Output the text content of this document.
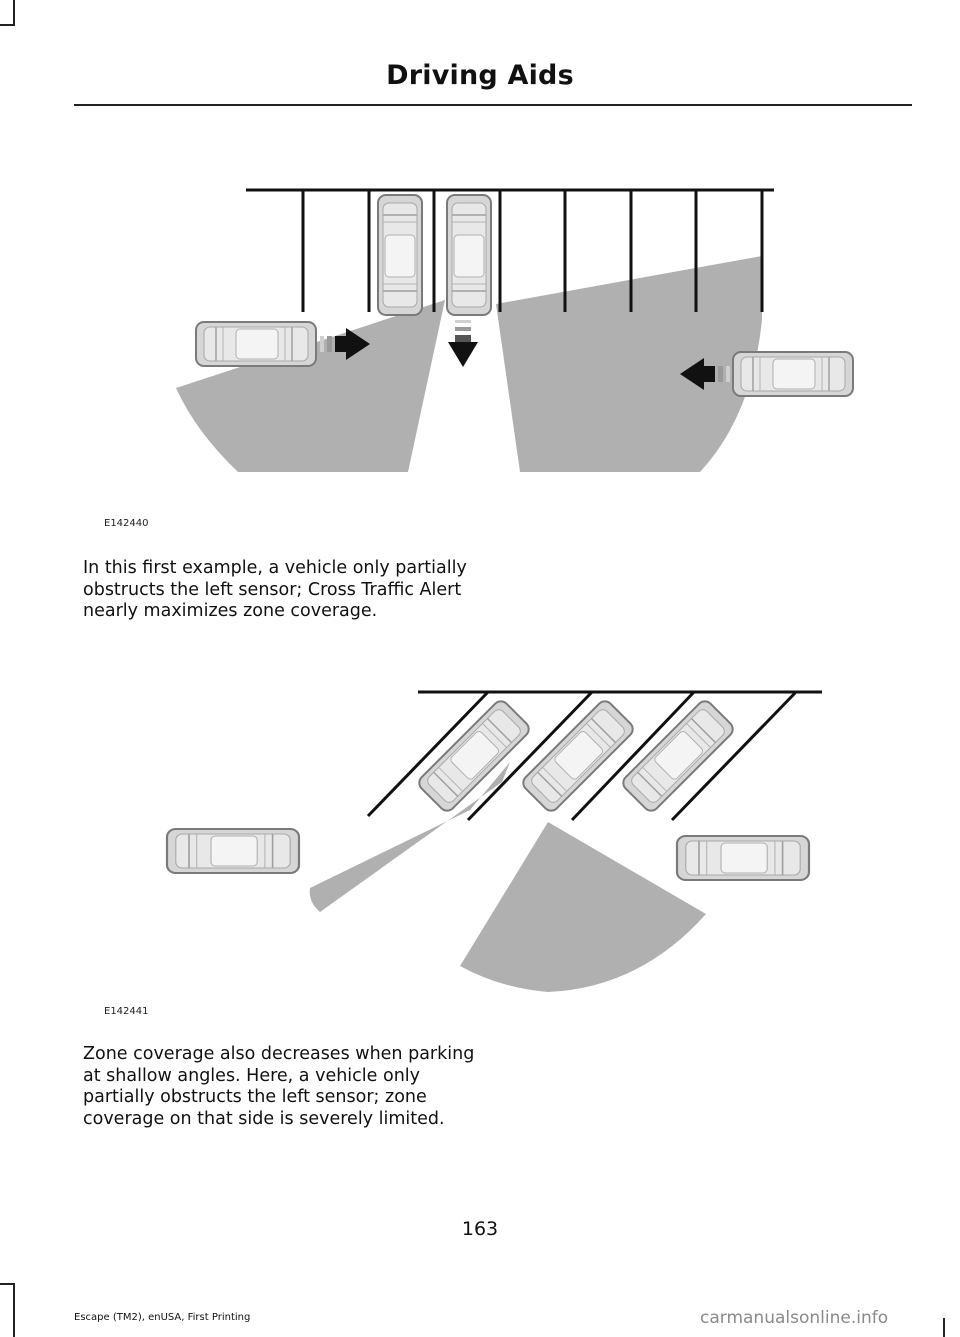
Driving Aids
E142440
In this first example, a vehicle only partially obstructs the left sensor; Cross Traffic Alert nearly maximizes zone coverage.
E142441
Zone coverage also decreases when parking at shallow angles. Here, a vehicle only partially obstructs the left sensor; zone coverage on that side is severely limited.
163
Escape (TM2), enUSA, First Printing	carmanualsonline.info
